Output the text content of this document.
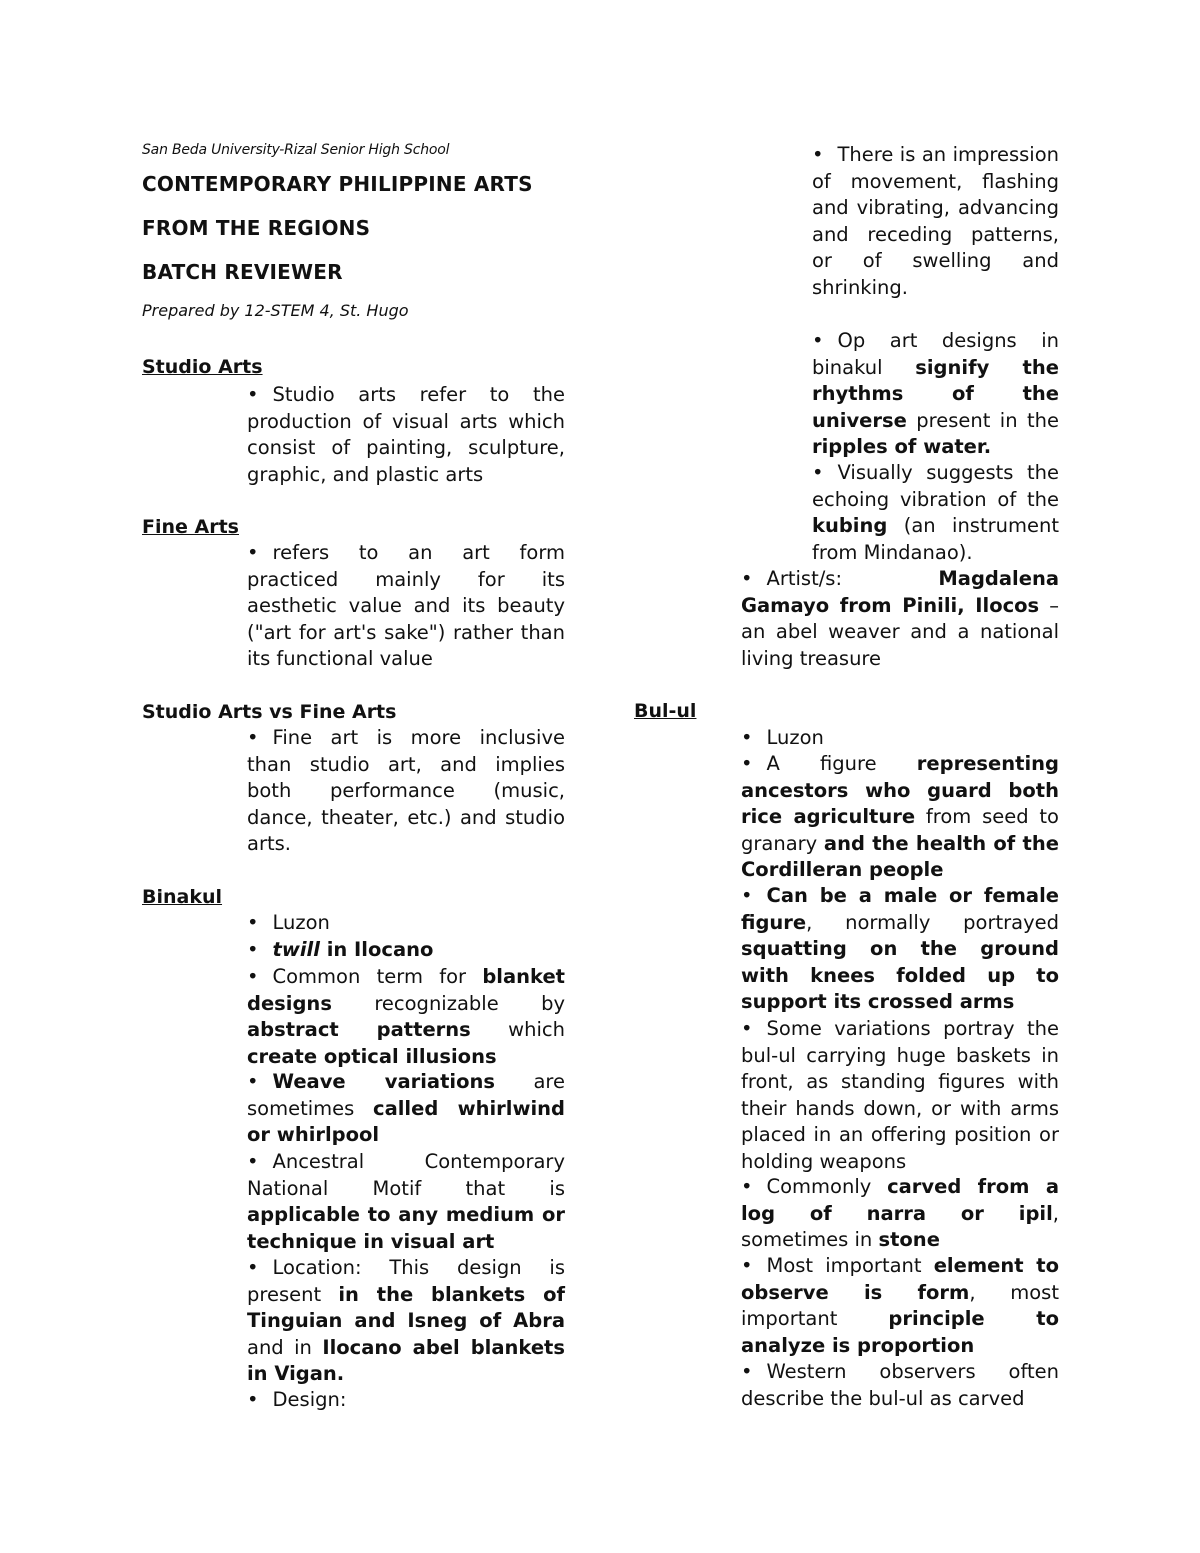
San Beda University-Rizal Senior High School
CONTEMPORARY PHILIPPINE ARTS
FROM THE REGIONS
BATCH REVIEWER
Prepared by 12-STEM 4, St. Hugo
Studio Arts
• Studio arts refer to the production of visual arts which consist of painting, sculpture, graphic, and plastic arts
Fine Arts
• refers to an art form practiced mainly for its aesthetic value and its beauty ("art for art's sake") rather than its functional value
Studio Arts vs Fine Arts
• Fine art is more inclusive than studio art, and implies both performance (music, dance, theater, etc.) and studio arts.
Binakul
• Luzon
• twill in Ilocano
• Common term for blanket designs recognizable by abstract patterns which create optical illusions
• Weave variations are sometimes called whirlwind or whirlpool
• Ancestral Contemporary National Motif that is applicable to any medium or technique in visual art
• Location: This design is present in the blankets of Tinguian and Isneg of Abra and in Ilocano abel blankets in Vigan.
• Design:
• There is an impression of movement, flashing and vibrating, advancing and receding patterns, or of swelling and shrinking.
• Op art designs in binakul signify the rhythms of the universe present in the ripples of water.
• Visually suggests the echoing vibration of the kubing (an instrument from Mindanao).
• Artist/s: Magdalena Gamayo from Pinili, Ilocos – an abel weaver and a national living treasure
Bul-ul
• Luzon
• A figure representing ancestors who guard both rice agriculture from seed to granary and the health of the Cordilleran people
• Can be a male or female figure, normally portrayed squatting on the ground with knees folded up to support its crossed arms
• Some variations portray the bul-ul carrying huge baskets in front, as standing figures with their hands down, or with arms placed in an offering position or holding weapons
• Commonly carved from a log of narra or ipil, sometimes in stone
• Most important element to observe is form, most important principle to analyze is proportion
• Western observers often describe the bul-ul as carved
